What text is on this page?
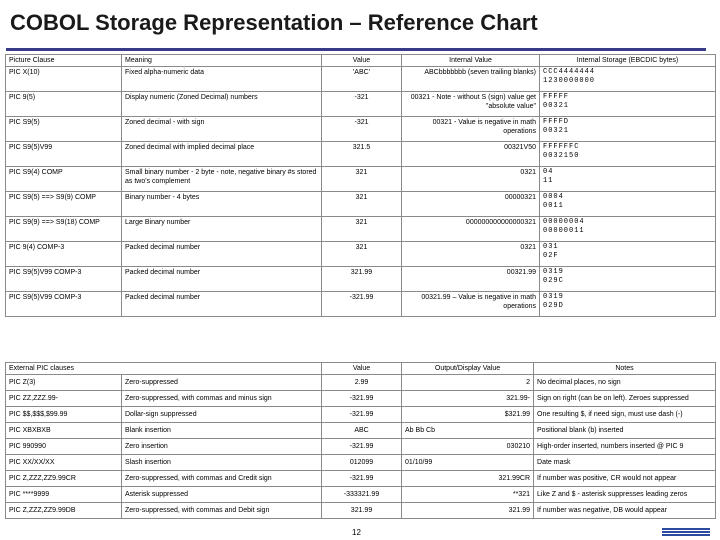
COBOL Storage Representation – Reference Chart
Picture Clause	Meaning	Value	Internal Value	Internal Storage (EBCDIC bytes)
PIC X(10)	Fixed alpha-numeric data	'ABC'	ABCbbbbbbb (seven trailing blanks)	CCC4444444
1230000000

PIC 9(5)	Display numeric (Zoned Decimal) numbers	-321	00321 - Note - without S (sign) value get "absolute value"	FFFFF
00321

PIC S9(5)	Zoned decimal - with sign	-321	00321 - Value is negative in math operations	FFFFD
00321

PIC S9(5)V99	Zoned decimal with implied decimal place	321.5	00321V50	FFFFFFC
0032150

PIC S9(4) COMP	Small binary number - 2 byte - note, negative binary #s stored as two's complement	321	0321	04
11

PIC S9(5) ==> S9(9) COMP	Binary number - 4 bytes	321	00000321	0004
0011

PIC S9(9) ==> S9(18) COMP	Large Binary number	321	000000000000000321	00000004
00000011

PIC 9(4) COMP-3	Packed decimal number	321	0321	031
02F

PIC S9(5)V99 COMP-3	Packed decimal number	321.99	00321.99	0319
029C

PIC S9(5)V99 COMP-3	Packed decimal number	-321.99	00321.99 – Value is negative in math operations	0319
029D
External PIC clauses		Value	Output/Display Value	Notes
PIC Z(3)	Zero-suppressed	2.99	2	No decimal places, no sign
PIC ZZ,ZZZ.99-	Zero-suppressed, with commas and minus sign	-321.99	321.99-	Sign on right (can be on left). Zeroes suppressed
PIC $$,$$$,$99.99	Dollar-sign suppressed	-321.99	$321.99	One resulting $, if need sign, must use dash (-)
PIC XBXBXB	Blank insertion	ABC	Ab Bb Cb	Positional blank (b) inserted
PIC 990990	Zero insertion	-321.99	030210	High-order inserted, numbers inserted @ PIC 9
PIC XX/XX/XX	Slash insertion	012099	01/10/99	Date mask
PIC Z,ZZZ,ZZ9.99CR	Zero-suppressed, with commas and Credit sign	-321.99	321.99CR	If number was positive, CR would not appear
PIC ****9999	Asterisk suppressed	-333321.99	**321	Like Z and $ - asterisk suppresses leading zeros
PIC Z,ZZZ,ZZ9.99DB	Zero-suppressed, with commas and Debit sign	321.99	321.99	If number was negative, DB would appear
12
